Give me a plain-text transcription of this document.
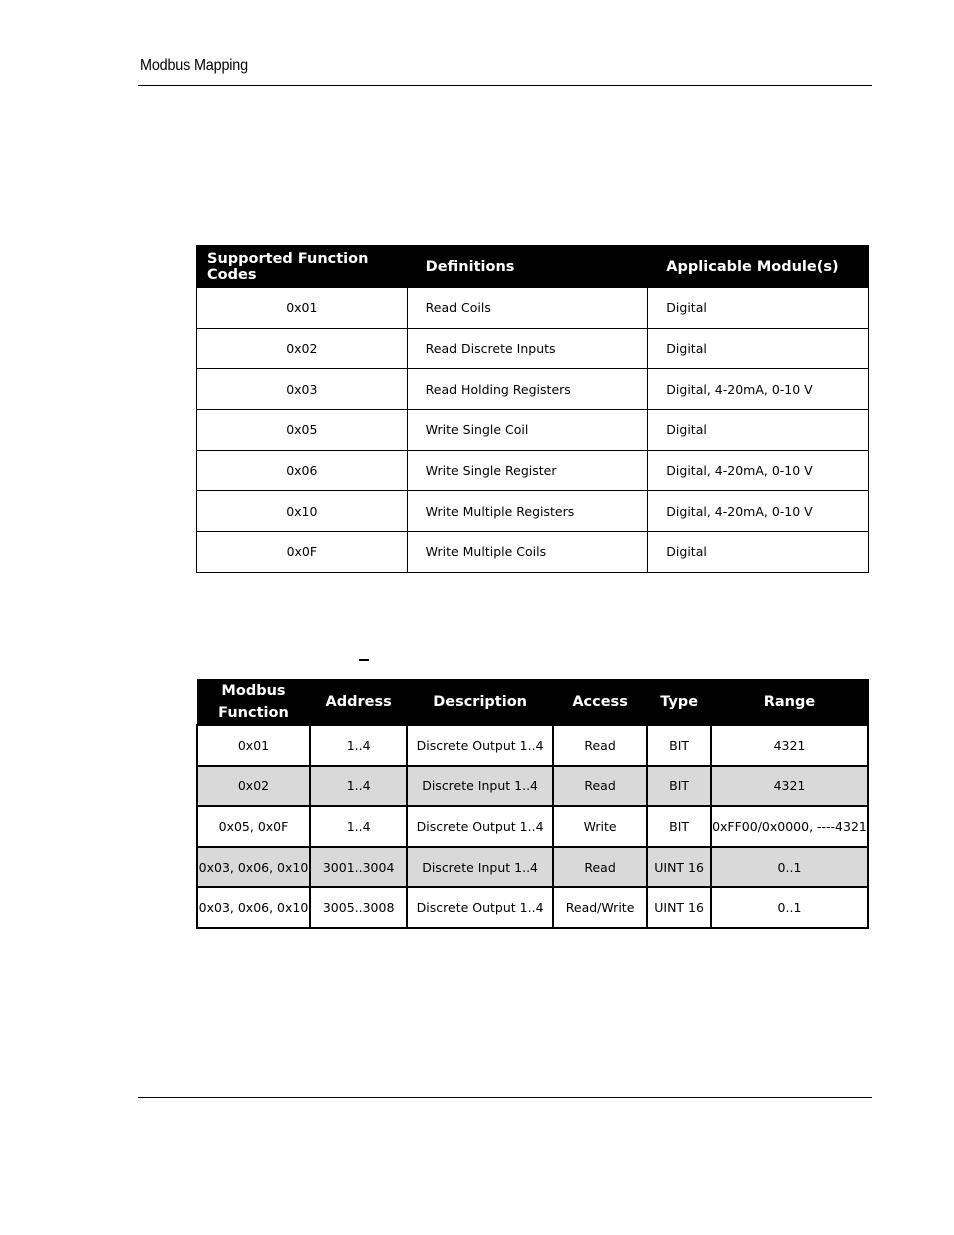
Modbus Mapping
Supported Function Codes	Definitions	Applicable Module(s)
0x01	Read Coils	Digital
0x02	Read Discrete Inputs	Digital
0x03	Read Holding Registers	Digital, 4-20mA, 0-10 V
0x05	Write Single Coil	Digital
0x06	Write Single Register	Digital, 4-20mA, 0-10 V
0x10	Write Multiple Registers	Digital, 4-20mA, 0-10 V
0x0F	Write Multiple Coils	Digital
Modbus
Function	Address	Description	Access	Type	Range
0x01	1..4	Discrete Output 1..4	Read	BIT	4321
0x02	1..4	Discrete Input 1..4	Read	BIT	4321
0x05, 0x0F	1..4	Discrete Output 1..4	Write	BIT	0xFF00/0x0000, ----4321
0x03, 0x06, 0x10	3001..3004	Discrete Input 1..4	Read	UINT 16	0..1
0x03, 0x06, 0x10	3005..3008	Discrete Output 1..4	Read/Write	UINT 16	0..1
